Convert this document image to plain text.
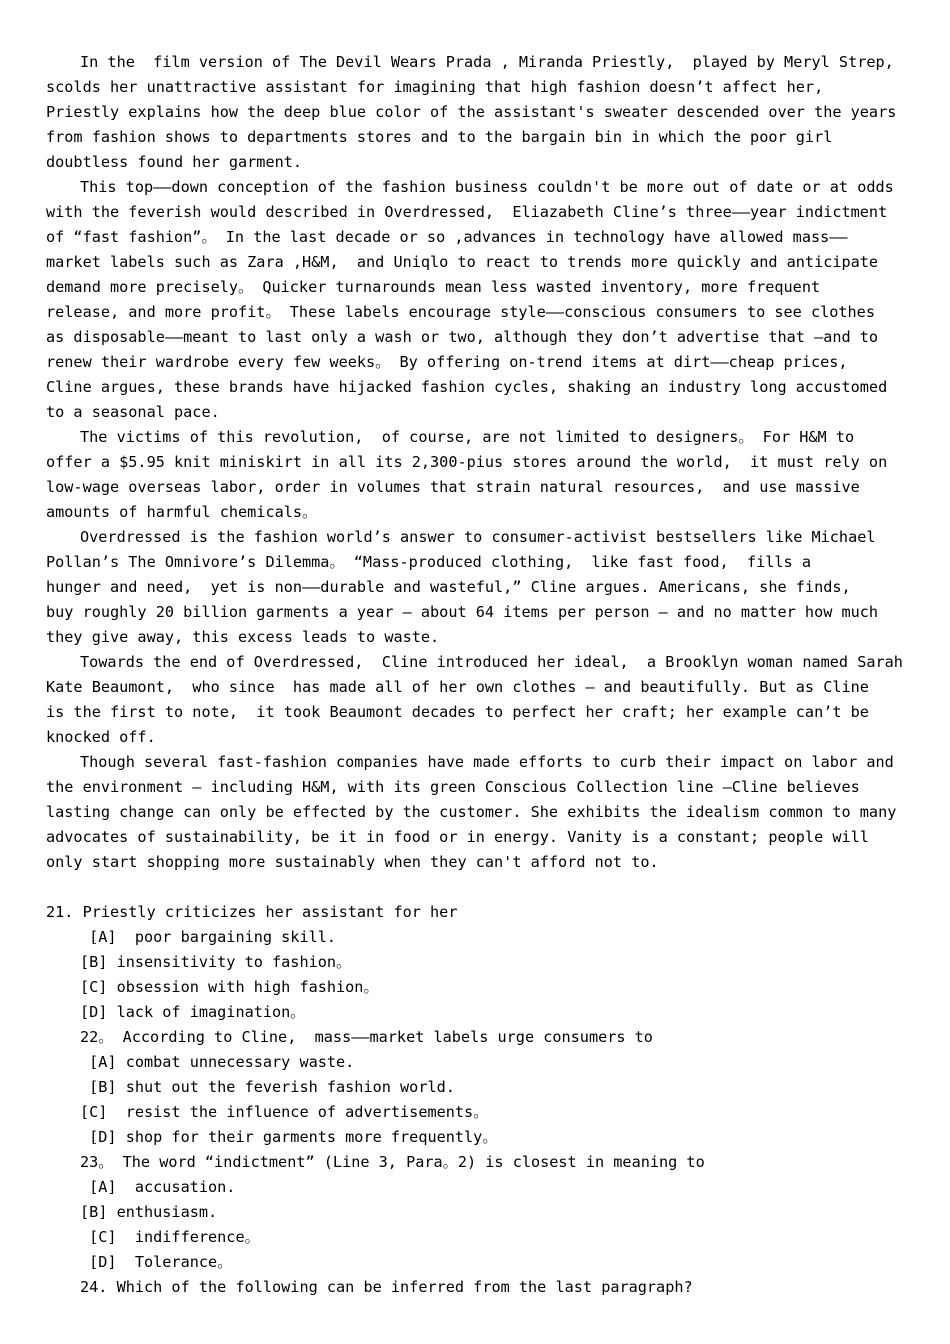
In the  film version of The Devil Wears Prada , Miranda Priestly,  played by Meryl Strep,
scolds her unattractive assistant for imagining that high fashion doesn’t affect her,
Priestly explains how the deep blue color of the assistant's sweater descended over the years
from fashion shows to departments stores and to the bargain bin in which the poor girl
doubtless found her garment.
This top——down conception of the fashion business couldn't be more out of date or at odds
with the feverish would described in Overdressed,  Eliazabeth Cline’s three——year indictment
of “fast fashion”。 In the last decade or so ,advances in technology have allowed mass——
market labels such as Zara ,H&M,  and Uniqlo to react to trends more quickly and anticipate
demand more precisely。 Quicker turnarounds mean less wasted inventory, more frequent
release, and more profit。 These labels encourage style——conscious consumers to see clothes
as disposable——meant to last only a wash or two, although they don’t advertise that –and to
renew their wardrobe every few weeks。 By offering on-trend items at dirt——cheap prices,
Cline argues, these brands have hijacked fashion cycles, shaking an industry long accustomed
to a seasonal pace.
The victims of this revolution,  of course, are not limited to designers。 For H&M to
offer a $5.95 knit miniskirt in all its 2,300-pius stores around the world,  it must rely on
low-wage overseas labor, order in volumes that strain natural resources,  and use massive
amounts of harmful chemicals。
Overdressed is the fashion world’s answer to consumer-activist bestsellers like Michael
Pollan’s The Omnivore’s Dilemma。 “Mass-produced clothing,  like fast food,  fills a
hunger and need,  yet is non——durable and wasteful,” Cline argues. Americans, she finds,
buy roughly 20 billion garments a year – about 64 items per person – and no matter how much
they give away, this excess leads to waste.
Towards the end of Overdressed,  Cline introduced her ideal,  a Brooklyn woman named Sarah
Kate Beaumont,  who since  has made all of her own clothes – and beautifully. But as Cline
is the first to note,  it took Beaumont decades to perfect her craft; her example can’t be
knocked off.
Though several fast-fashion companies have made efforts to curb their impact on labor and
the environment – including H&M, with its green Conscious Collection line –Cline believes
lasting change can only be effected by the customer. She exhibits the idealism common to many
advocates of sustainability, be it in food or in energy. Vanity is a constant; people will
only start shopping more sustainably when they can't afford not to.
21. Priestly criticizes her assistant for her
[A]  poor bargaining skill.
[B] insensitivity to fashion。
[C] obsession with high fashion。
[D] lack of imagination。
22。 According to Cline,  mass——market labels urge consumers to
[A] combat unnecessary waste.
[B] shut out the feverish fashion world.
[C]  resist the influence of advertisements。
[D] shop for their garments more frequently。
23。 The word “indictment” (Line 3, Para。2) is closest in meaning to
[A]  accusation.
[B] enthusiasm.
[C]  indifference。
[D]  Tolerance。
24. Which of the following can be inferred from the last paragraph?
